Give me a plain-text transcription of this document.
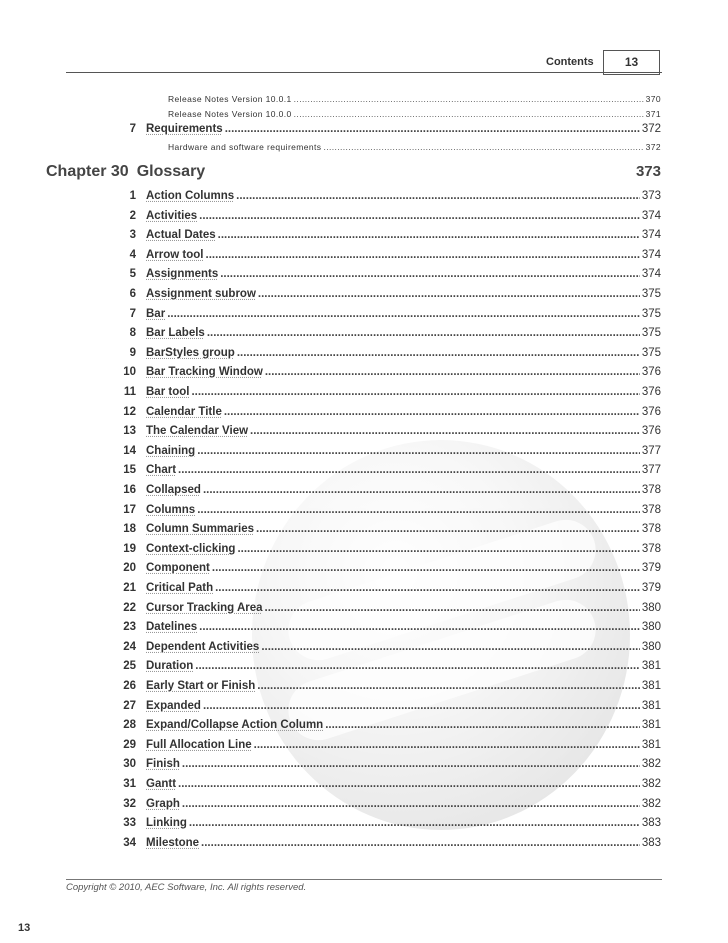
Contents	13
Release Notes Version 10.0.1 .....	370
Release Notes Version 10.0.0 .....	371
7 Requirements .....	372
Hardware and software requirements .....	372
Chapter 30 Glossary	373
1 Action Columns .....	373
2 Activities .....	374
3 Actual Dates .....	374
4 Arrow tool .....	374
5 Assignments .....	374
6 Assignment subrow .....	375
7 Bar .....	375
8 Bar Labels .....	375
9 BarStyles group .....	375
10 Bar Tracking Window .....	376
11 Bar tool .....	376
12 Calendar Title .....	376
13 The Calendar View .....	376
14 Chaining .....	377
15 Chart .....	377
16 Collapsed .....	378
17 Columns .....	378
18 Column Summaries .....	378
19 Context-clicking .....	378
20 Component .....	379
21 Critical Path .....	379
22 Cursor Tracking Area .....	380
23 Datelines .....	380
24 Dependent Activities .....	380
25 Duration .....	381
26 Early Start or Finish .....	381
27 Expanded .....	381
28 Expand/Collapse Action Column .....	381
29 Full Allocation Line .....	381
30 Finish .....	382
31 Gantt .....	382
32 Graph .....	382
33 Linking .....	383
34 Milestone .....	383
Copyright © 2010, AEC Software, Inc. All rights reserved.
13
